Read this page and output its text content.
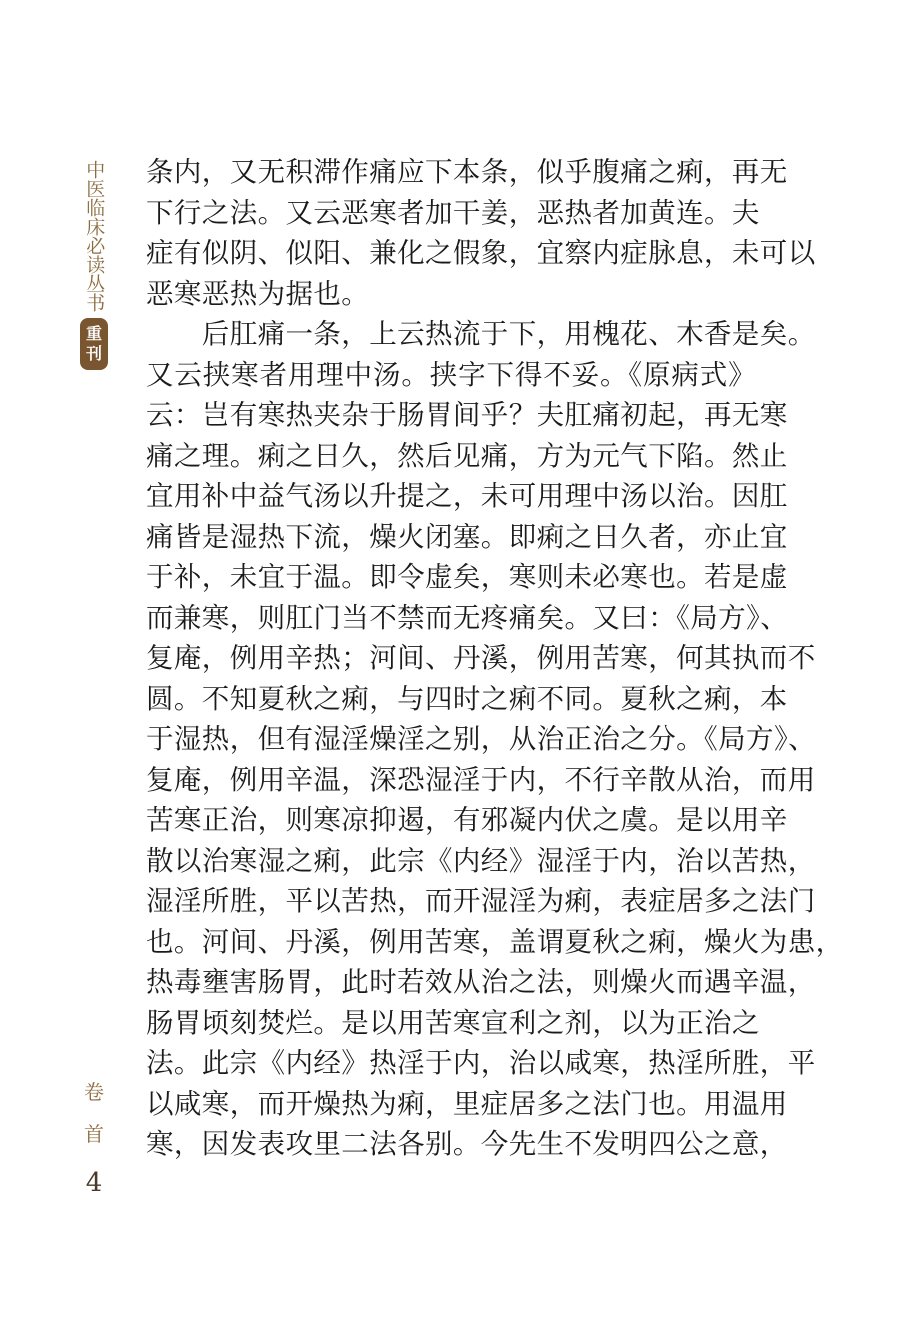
中
医
临
床
必
读
丛
书
重
刊
卷
首
4
条内，又无积滞作痛应下本条，似乎腹痛之痢，再无
下行之法。又云恶寒者加干姜，恶热者加黄连。夫
症有似阴、似阳、兼化之假象，宜察内症脉息，未可以
恶寒恶热为据也。
　　后肛痛一条，上云热流于下，用槐花、木香是矣。
又云挟寒者用理中汤。挟字下得不妥。《原病式》
云：岂有寒热夹杂于肠胃间乎？夫肛痛初起，再无寒
痛之理。痢之日久，然后见痛，方为元气下陷。然止
宜用补中益气汤以升提之，未可用理中汤以治。因肛
痛皆是湿热下流，燥火闭塞。即痢之日久者，亦止宜
于补，未宜于温。即令虚矣，寒则未必寒也。若是虚
而兼寒，则肛门当不禁而无疼痛矣。又曰：《局方》、
复庵，例用辛热；河间、丹溪，例用苦寒，何其执而不
圆。不知夏秋之痢，与四时之痢不同。夏秋之痢，本
于湿热，但有湿淫燥淫之别，从治正治之分。《局方》、
复庵，例用辛温，深恐湿淫于内，不行辛散从治，而用
苦寒正治，则寒凉抑遏，有邪凝内伏之虞。是以用辛
散以治寒湿之痢，此宗《内经》湿淫于内，治以苦热，
湿淫所胜，平以苦热，而开湿淫为痢，表症居多之法门
也。河间、丹溪，例用苦寒，盖谓夏秋之痢，燥火为患，
热毒壅害肠胃，此时若效从治之法，则燥火而遇辛温，
肠胃顷刻焚烂。是以用苦寒宣利之剂，以为正治之
法。此宗《内经》热淫于内，治以咸寒，热淫所胜，平
以咸寒，而开燥热为痢，里症居多之法门也。用温用
寒，因发表攻里二法各别。今先生不发明四公之意，
